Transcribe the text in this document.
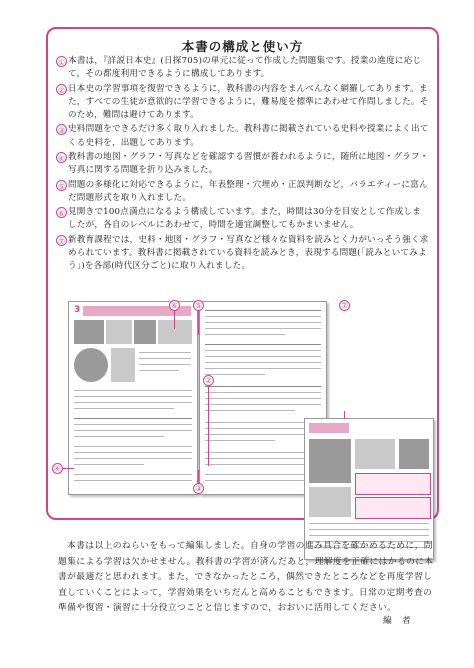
本書の構成と使い方
① 本書は，『詳説日本史』(日探705)の単元に従って作成した問題集です。授業の進度に応じて，その都度利用できるように構成してあります。
② 日本史の学習事項を復習できるように，教科書の内容をまんべんなく網羅してあります。また，すべての生徒が意欲的に学習できるように，難易度を標準にあわせて作問しました。そのため，難問は避けてあります。
③ 史料問題をできるだけ多く取り入れました。教科書に掲載されている史料や授業によく出てくる史料を，出題してあります。
④ 教科書の地図・グラフ・写真などを確認する習慣が養われるように，随所に地図・グラフ・写真に関する問題を折り込みました。
⑤ 問題の多様化に対応できるように，年表整理・穴埋め・正誤判断など，バラエティーに富んだ問題形式を取り入れました。
⑥ 見開きで100点満点になるよう構成しています。また，時間は30分を目安として作成しましたが，各自のレベルにあわせて，時間を適宜調整してもかまいません。
⑦ 新教育課程では，史料・地図・グラフ・写真など様々な資料を読みとく力がいっそう強く求められています。教科書に掲載されている資料を読みとき，表現する問題(「読みといてみよう」)を各部(時代区分ごと)に取り入れました。
3
④
⑤
⑥
②
③
⑦
本書は以上のねらいをもって編集しました。自身の学習の進み具合を確かめるために，問題集による学習は欠かせません。教科書の学習が済んだあと，理解度を正確にはかるのに本書が最適だと思われます。また，できなかったところ，偶然できたところなどを再度学習し直していくことによって，学習効果をいちだんと高めることもできます。日常の定期考査の準備や復習・演習に十分役立つことと信じますので，おおいに活用してください。
編者
